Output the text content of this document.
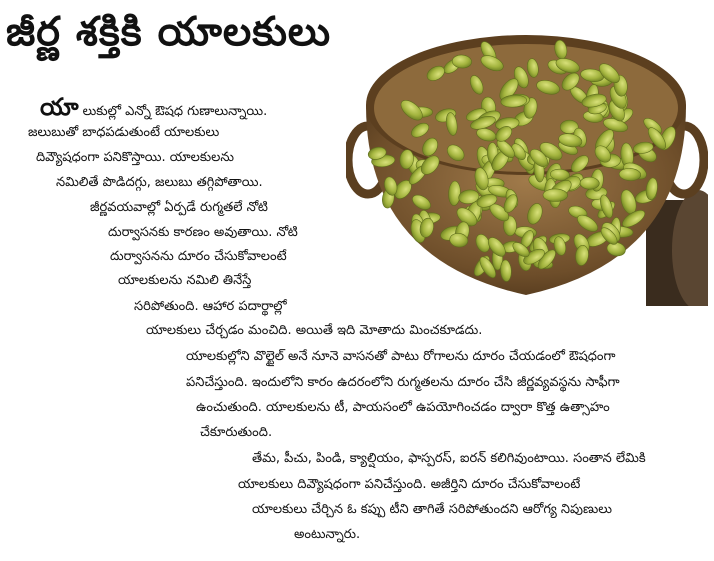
జీర్ణ శక్తికి యాలకులు
యాలుకుల్లో ఎన్నో ఔషధ గుణాలున్నాయి.
జలుబుతో బాధపడుతుంటే యాలకులు
దివ్యౌషధంగా పనికొస్తాయి. యాలకులను
నమిలితే పొడిదగ్గు, జలుబు తగ్గిపోతాయి.
జీర్ణవయవాల్లో ఏర్పడే రుగ్మతలే నోటి
దుర్వాసనకు కారణం అవుతాయి. నోటి
దుర్వాసనను దూరం చేసుకోవాలంటే
యాలకులను నమిలి తినేస్తే
సరిపోతుంది. ఆహార పదార్థాల్లో
యాలకులు చేర్చడం మంచిది. అయితే ఇది మోతాదు మించకూడదు.
యాలకుల్లోని వొల్టైల్ అనే నూనె వాసనతో పాటు రోగాలను దూరం చేయడంలో ఔషధంగా
పనిచేస్తుంది. ఇందులోని కారం ఉదరంలోని రుగ్మతలను దూరం చేసి జీర్ణవ్యవస్థను సాఫీగా
ఉంచుతుంది. యాలకులను టీ, పాయసంలో ఉపయోగించడం ద్వారా కొత్త ఉత్సాహం
చేకూరుతుంది.
తేమ, పీచు, పిండి, క్యాల్షియం, ఫాస్పరస్, ఐరన్ కలిగివుంటాయి. సంతాన లేమికి
యాలకులు దివ్యౌషధంగా పనిచేస్తుంది. అజీర్తిని దూరం చేసుకోవాలంటే
యాలకులు చేర్చిన ఓ కప్పు టీని తాగితే సరిపోతుందని ఆరోగ్య నిపుణులు
అంటున్నారు.
